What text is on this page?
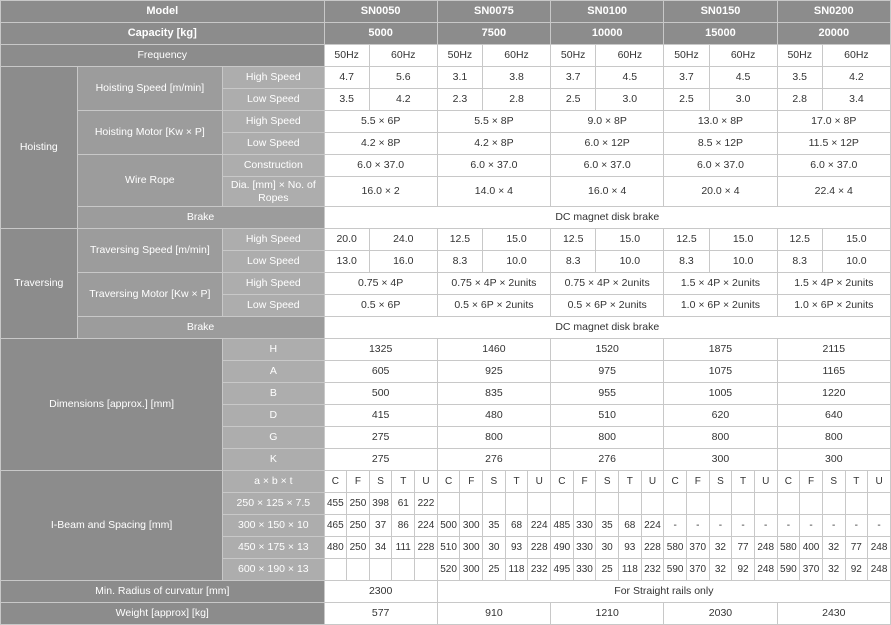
Model			SN0050					SN0075					SN0100					SN0150					SN0200				
Capacity [kg]			5000					7500					10000					15000					20000				
Frequency			50Hz		60Hz			50Hz		60Hz			50Hz		60Hz			50Hz		60Hz			50Hz		60Hz		
Hoisting	Hoisting Speed [m/min]	High Speed	4.7		5.6			3.1		3.8			3.7		4.5			3.7		4.5			3.5		4.2		
		Low Speed	3.5		4.2			2.3		2.8			2.5		3.0			2.5		3.0			2.8		3.4		
	Hoisting Motor [Kw × P]	High Speed	5.5 × 6P					5.5 × 8P					9.0 × 8P					13.0 × 8P					17.0 × 8P				
		Low Speed	4.2 × 8P					4.2 × 8P					6.0 × 12P					8.5 × 12P					11.5 × 12P				
	Wire Rope	Construction	6.0 × 37.0					6.0 × 37.0					6.0 × 37.0					6.0 × 37.0					6.0 × 37.0				
		Dia. [mm] × No. of Ropes	16.0 × 2					14.0 × 4					16.0 × 4					20.0 × 4					22.4 × 4				
	Brake		DC magnet disk brake																								
Traversing	Traversing Speed [m/min]	High Speed	20.0		24.0			12.5		15.0			12.5		15.0			12.5		15.0			12.5		15.0		
		Low Speed	13.0		16.0			8.3		10.0			8.3		10.0			8.3		10.0			8.3		10.0		
	Traversing Motor [Kw × P]	High Speed	0.75 × 4P					0.75 × 4P × 2units					0.75 × 4P × 2units					1.5 × 4P × 2units					1.5 × 4P × 2units				
		Low Speed	0.5 × 6P					0.5 × 6P × 2units					0.5 × 6P × 2units					1.0 × 6P × 2units					1.0 × 6P × 2units				
	Brake		DC magnet disk brake																								
Dimensions [approx.] [mm]		H	1325					1460					1520					1875					2115				
		A	605					925					975					1075					1165				
		B	500					835					955					1005					1220				
		D	415					480					510					620					640				
		G	275					800					800					800					800				
		K	275					276					276					300					300				
I-Beam and Spacing [mm]		a × b × t	C	F	S	T	U	C	F	S	T	U	C	F	S	T	U	C	F	S	T	U	C	F	S	T	U
		250 × 125 × 7.5	455	250	398	61	222																				
		300 × 150 × 10	465	250	37	86	224	500	300	35	68	224	485	330	35	68	224	-	-	-	-	-	-	-	-	-	-
		450 × 175 × 13	480	250	34	111	228	510	300	30	93	228	490	330	30	93	228	580	370	32	77	248	580	400	32	77	248
		600 × 190 × 13						520	300	25	118	232	495	330	25	118	232	590	370	32	92	248	590	370	32	92	248
Min. Radius of curvatur [mm]			2300					For Straight rails only																			
Weight [approx] [kg]			577					910					1210					2030					2430				
